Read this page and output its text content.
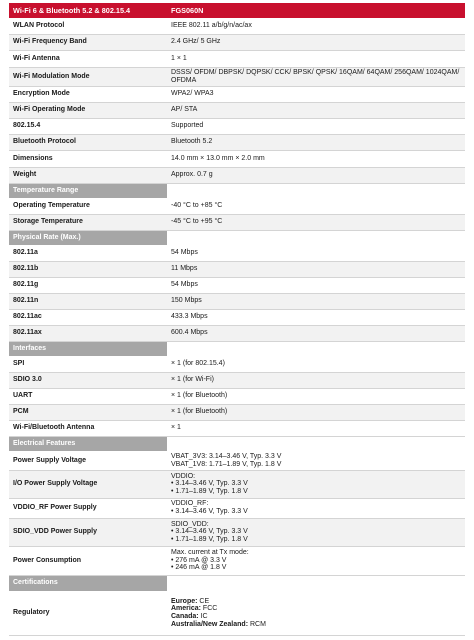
Wi-Fi 6 & Bluetooth 5.2 & 802.15.4	FGS060N
WLAN Protocol	IEEE 802.11 a/b/g/n/ac/ax
Wi-Fi Frequency Band	2.4 GHz/ 5 GHz
Wi-Fi Antenna	1 × 1
Wi-Fi Modulation Mode	DSSS/ OFDM/ DBPSK/ DQPSK/ CCK/ BPSK/ QPSK/ 16QAM/ 64QAM/ 256QAM/ 1024QAM/
OFDMA

Encryption Mode	WPA2/ WPA3
Wi-Fi Operating Mode	AP/ STA
802.15.4	Supported
Bluetooth Protocol	Bluetooth 5.2
Dimensions	14.0 mm × 13.0 mm × 2.0 mm
Weight	Approx. 0.7 g
Temperature Range	
Operating Temperature	-40 °C to +85 °C
Storage Temperature	-45 °C to +95 °C
Physical Rate (Max.)	
802.11a	54 Mbps
802.11b	11 Mbps
802.11g	54 Mbps
802.11n	150 Mbps
802.11ac	433.3 Mbps
802.11ax	600.4 Mbps
Interfaces	
SPI	× 1 (for 802.15.4)
SDIO 3.0	× 1 (for Wi-Fi)
UART	× 1 (for Bluetooth)
PCM	× 1 (for Bluetooth)
Wi-Fi/Bluetooth Antenna	× 1
Electrical Features	
Power Supply Voltage	VBAT_3V3: 3.14–3.46 V, Typ. 3.3 V
VBAT_1V8: 1.71–1.89 V, Typ. 1.8 V

I/O Power Supply Voltage	VDDIO:
• 3.14–3.46 V, Typ. 3.3 V
• 1.71–1.89 V, Typ. 1.8 V

VDDIO_RF Power Supply	VDDIO_RF:
• 3.14–3.46 V, Typ. 3.3 V

SDIO_VDD Power Supply	SDIO_VDD:
• 3.14–3.46 V, Typ. 3.3 V
• 1.71–1.89 V, Typ. 1.8 V

Power Consumption	Max. current at Tx mode:
• 276 mA @ 3.3 V
• 246 mA @ 1.8 V

Certifications	
Regulatory	Europe: CE
America: FCC
Canada: IC
Australia/New Zealand: RCM
